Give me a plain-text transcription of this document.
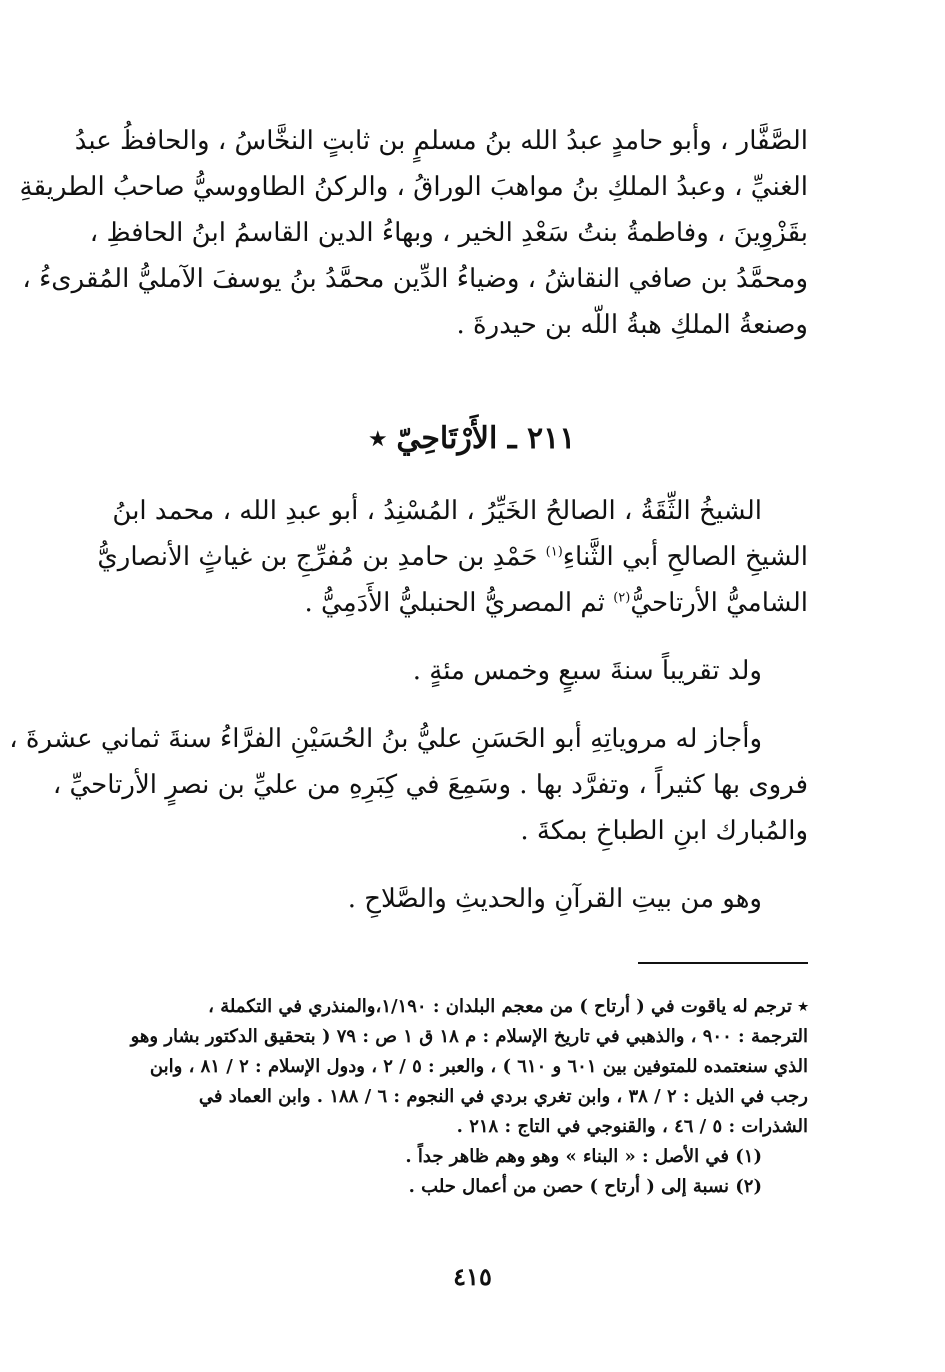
الصَّفَّار ، وأبو حامدٍ عبدُ الله بنُ مسلمٍ بن ثابتٍ النخَّاسُ ، والحافظُ عبدُ
الغنيِّ ، وعبدُ الملكِ بنُ مواهبَ الوراقُ ، والركنُ الطاووسيُّ صاحبُ الطريقةِ
بقَزْوِينَ ، وفاطمةُ بنتُ سَعْدِ الخير ، وبهاءُ الدين القاسمُ ابنُ الحافظِ ،
ومحمَّدُ بن صافي النقاشُ ، وضياءُ الدِّين محمَّدُ بنُ يوسفَ الآمليُّ المُقرىءُ ،
وصنعةُ الملكِ هبةُ اللّه بن حيدرةَ .
٢١١ ـ الأَرْتَاحِيّ ٭
الشيخُ الثِّقَةُ ، الصالحُ الخَيِّرُ ، المُسْنِدُ ، أبو عبدِ الله ، محمد ابنُ
الشيخِ الصالحِ أبي الثَّناءِ$^{(١)}$ حَمْدِ بن حامدِ بن مُفرِّجِ بن غياثٍ الأنصاريُّ
الشاميُّ الأرتاحيُّ$^{(٢)}$ ثم المصريُّ الحنبليُّ الأَدَمِيُّ .
ولد تقريباً سنةَ سبعٍ وخمس مئةٍ .
وأجاز له مروياتِهِ أبو الحَسَنِ عليُّ بنُ الحُسَيْنِ الفرَّاءُ سنةَ ثماني عشرةَ ،
فروى بها كثيراً ، وتفرَّد بها . وسَمِعَ في كِبَرِهِ من عليِّ بن نصرٍ الأرتاحيِّ ،
والمُبارك ابنِ الطباخِ بمكةَ .
وهو من بيتِ القرآنِ والحديثِ والصَّلاحِ .
٭ ترجم له ياقوت في ( أرتاح ) من معجم البلدان : ١/١٩٠،والمنذري في التكملة ،
الترجمة : ٩٠٠ ، والذهبي في تاريخ الإسلام : م ١٨ ق ١ ص : ٧٩ ( بتحقيق الدكتور بشار وهو
الذي سنعتمده للمتوفين بين ٦٠١ و ٦١٠ ) ، والعبر : ٥ / ٢ ، ودول الإسلام : ٢ / ٨١ ، وابن
رجب في الذيل : ٢ / ٣٨ ، وابن تغري بردي في النجوم : ٦ / ١٨٨ . وابن العماد في
الشذرات : ٥ / ٤٦ ، والقنوجي في التاج : ٢١٨ .
(١) في الأصل : « البناء » وهو وهم ظاهر جداً .
(٢) نسبة إلى ( أرتاح ) حصن من أعمال حلب .
٤١٥
